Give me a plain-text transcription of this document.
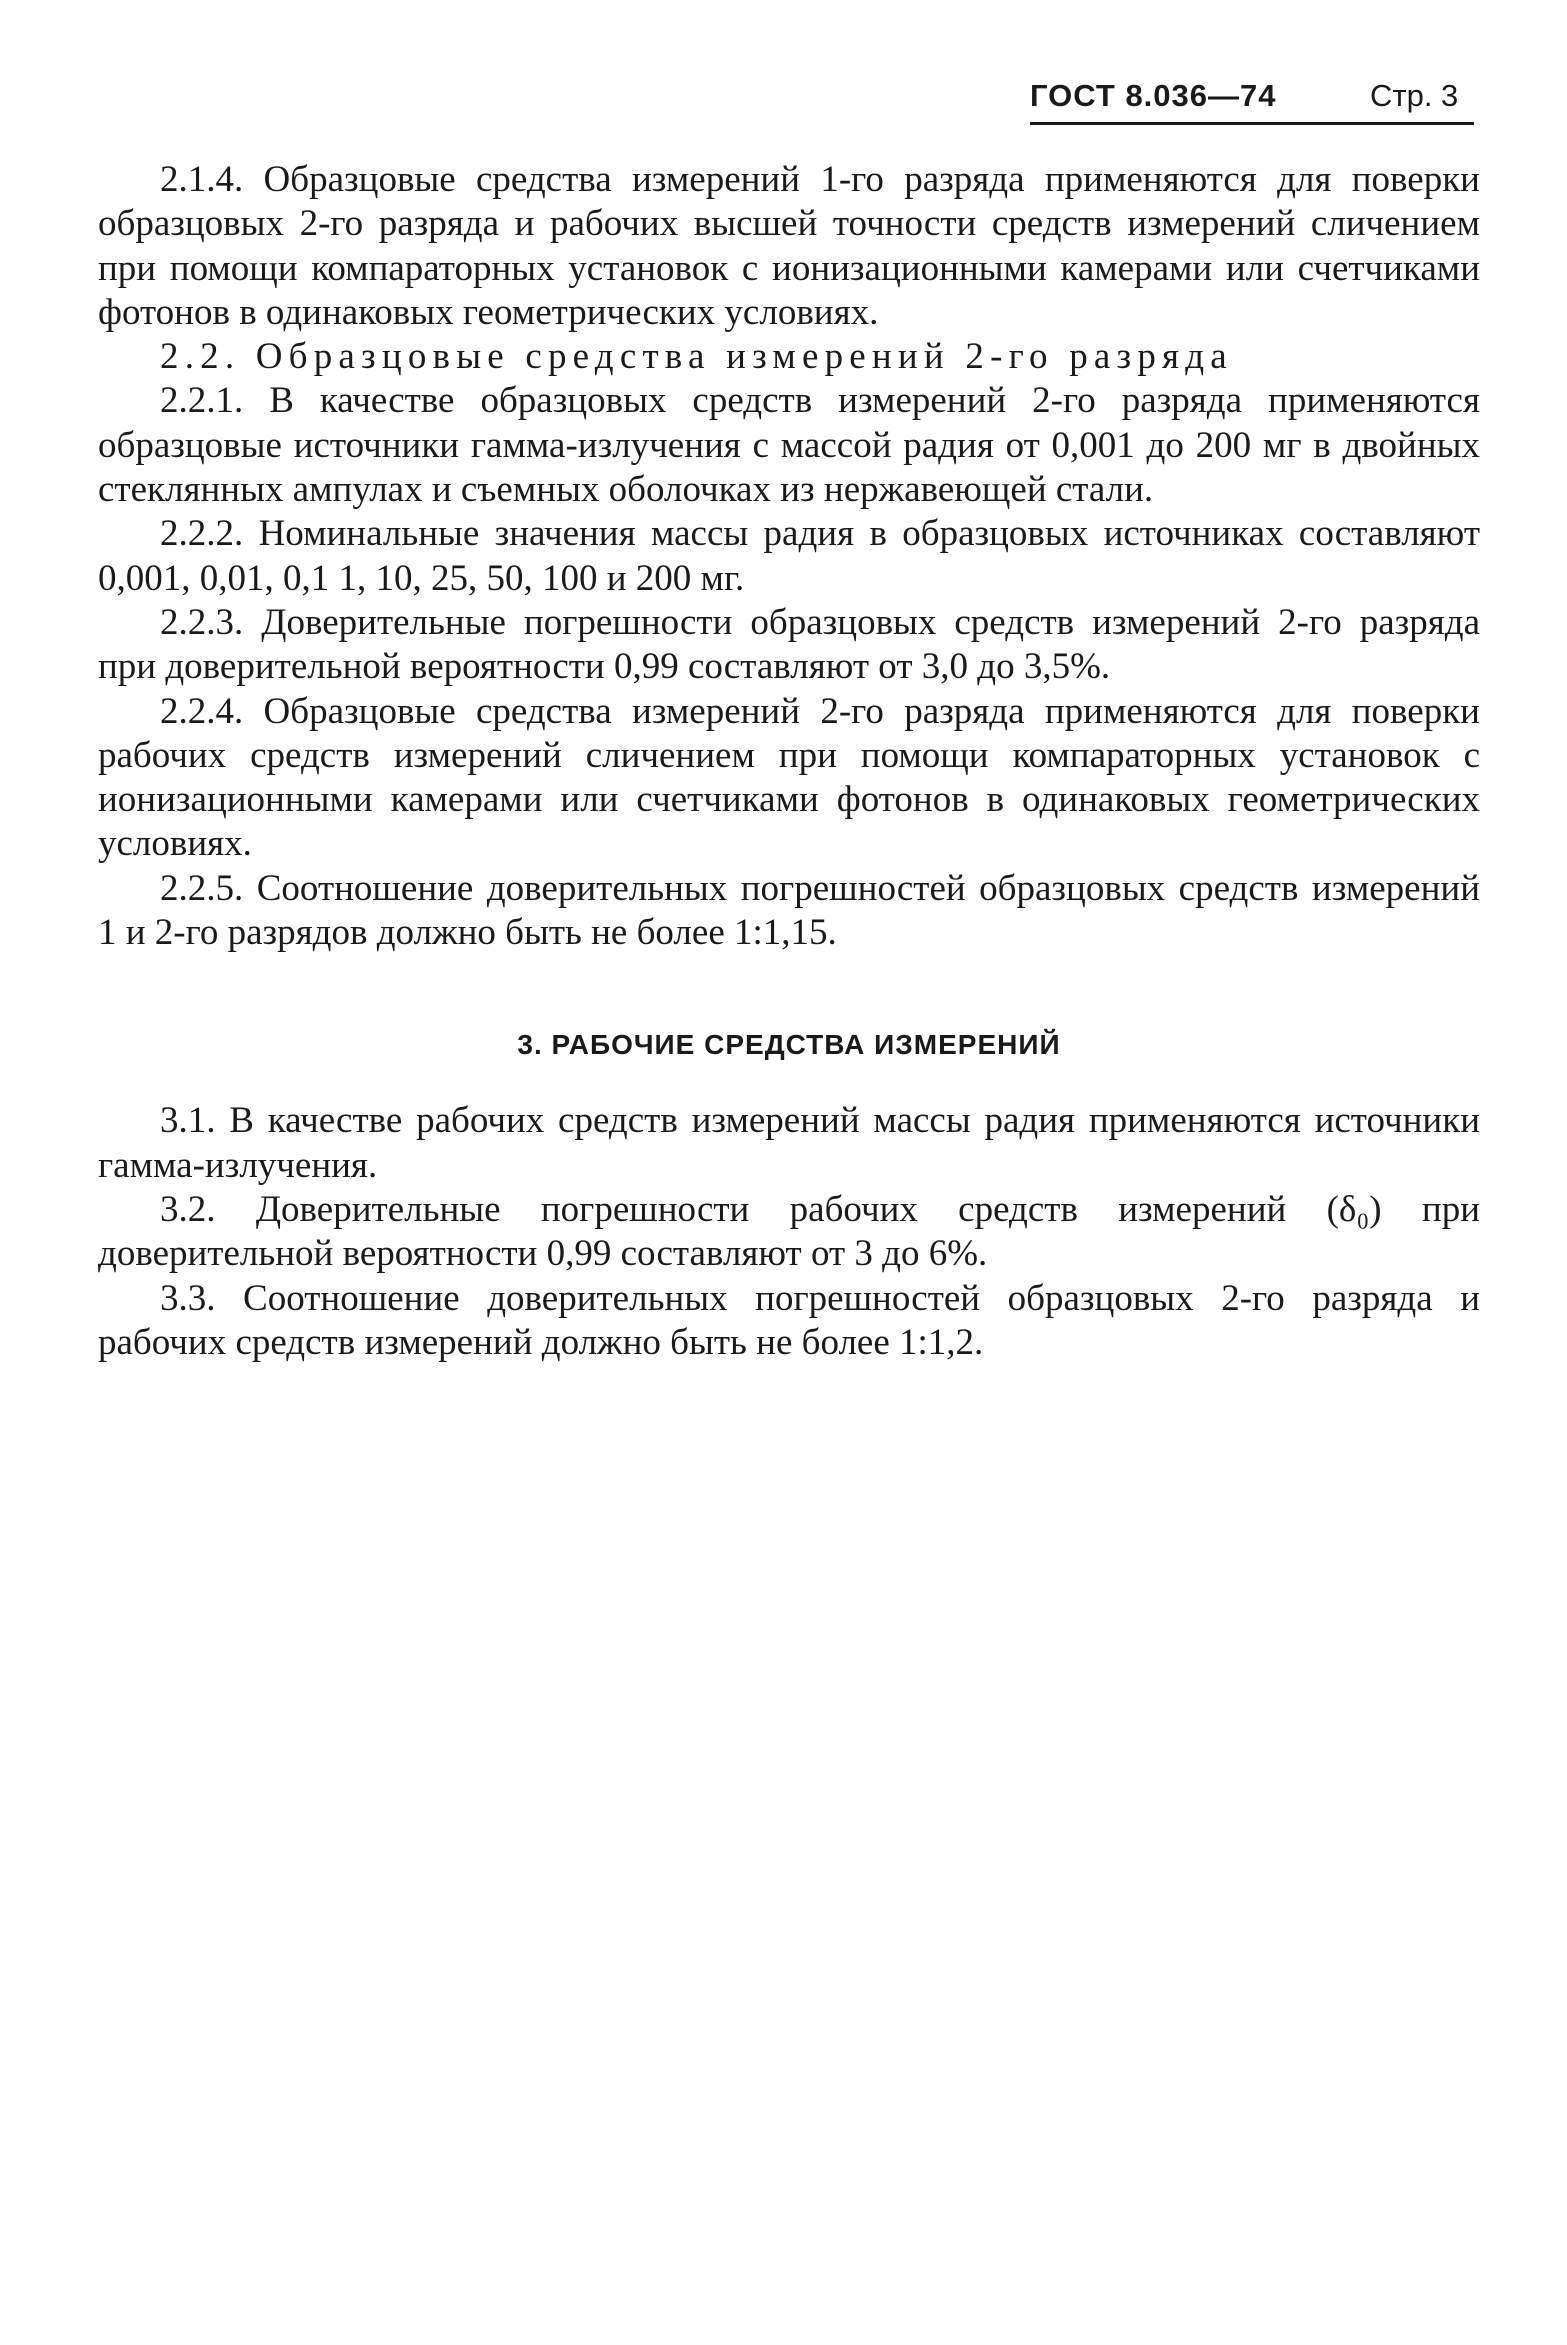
ГОСТ 8.036—74	Стр. 3

2.1.4. Образцовые средства измерений 1-го разряда применяются для поверки образцовых 2-го разряда и рабочих высшей точности средств измерений сличением при помощи компараторных установок с ионизационными камерами или счетчиками фотонов в одинаковых геометрических условиях.

2.2. Образцовые средства измерений 2-го разряда

2.2.1. В качестве образцовых средств измерений 2-го разряда применяются образцовые источники гамма-излучения с массой радия от 0,001 до 200 мг в двойных стеклянных ампулах и съемных оболочках из нержавеющей стали.

2.2.2. Номинальные значения массы радия в образцовых источниках составляют 0,001, 0,01, 0,1 1, 10, 25, 50, 100 и 200 мг.

2.2.3. Доверительные погрешности образцовых средств измерений 2-го разряда при доверительной вероятности 0,99 составляют от 3,0 до 3,5%.

2.2.4. Образцовые средства измерений 2-го разряда применяются для поверки рабочих средств измерений сличением при помощи компараторных установок с ионизационными камерами или счетчиками фотонов в одинаковых геометрических условиях.

2.2.5. Соотношение доверительных погрешностей образцовых средств измерений 1 и 2-го разрядов должно быть не более 1:1,15.

3. РАБОЧИЕ СРЕДСТВА ИЗМЕРЕНИЙ

3.1. В качестве рабочих средств измерений массы радия применяются источники гамма-излучения.

3.2. Доверительные погрешности рабочих средств измерений (δ₀) при доверительной вероятности 0,99 составляют от 3 до 6%.

3.3. Соотношение доверительных погрешностей образцовых 2-го разряда и рабочих средств измерений должно быть не более 1:1,2.
